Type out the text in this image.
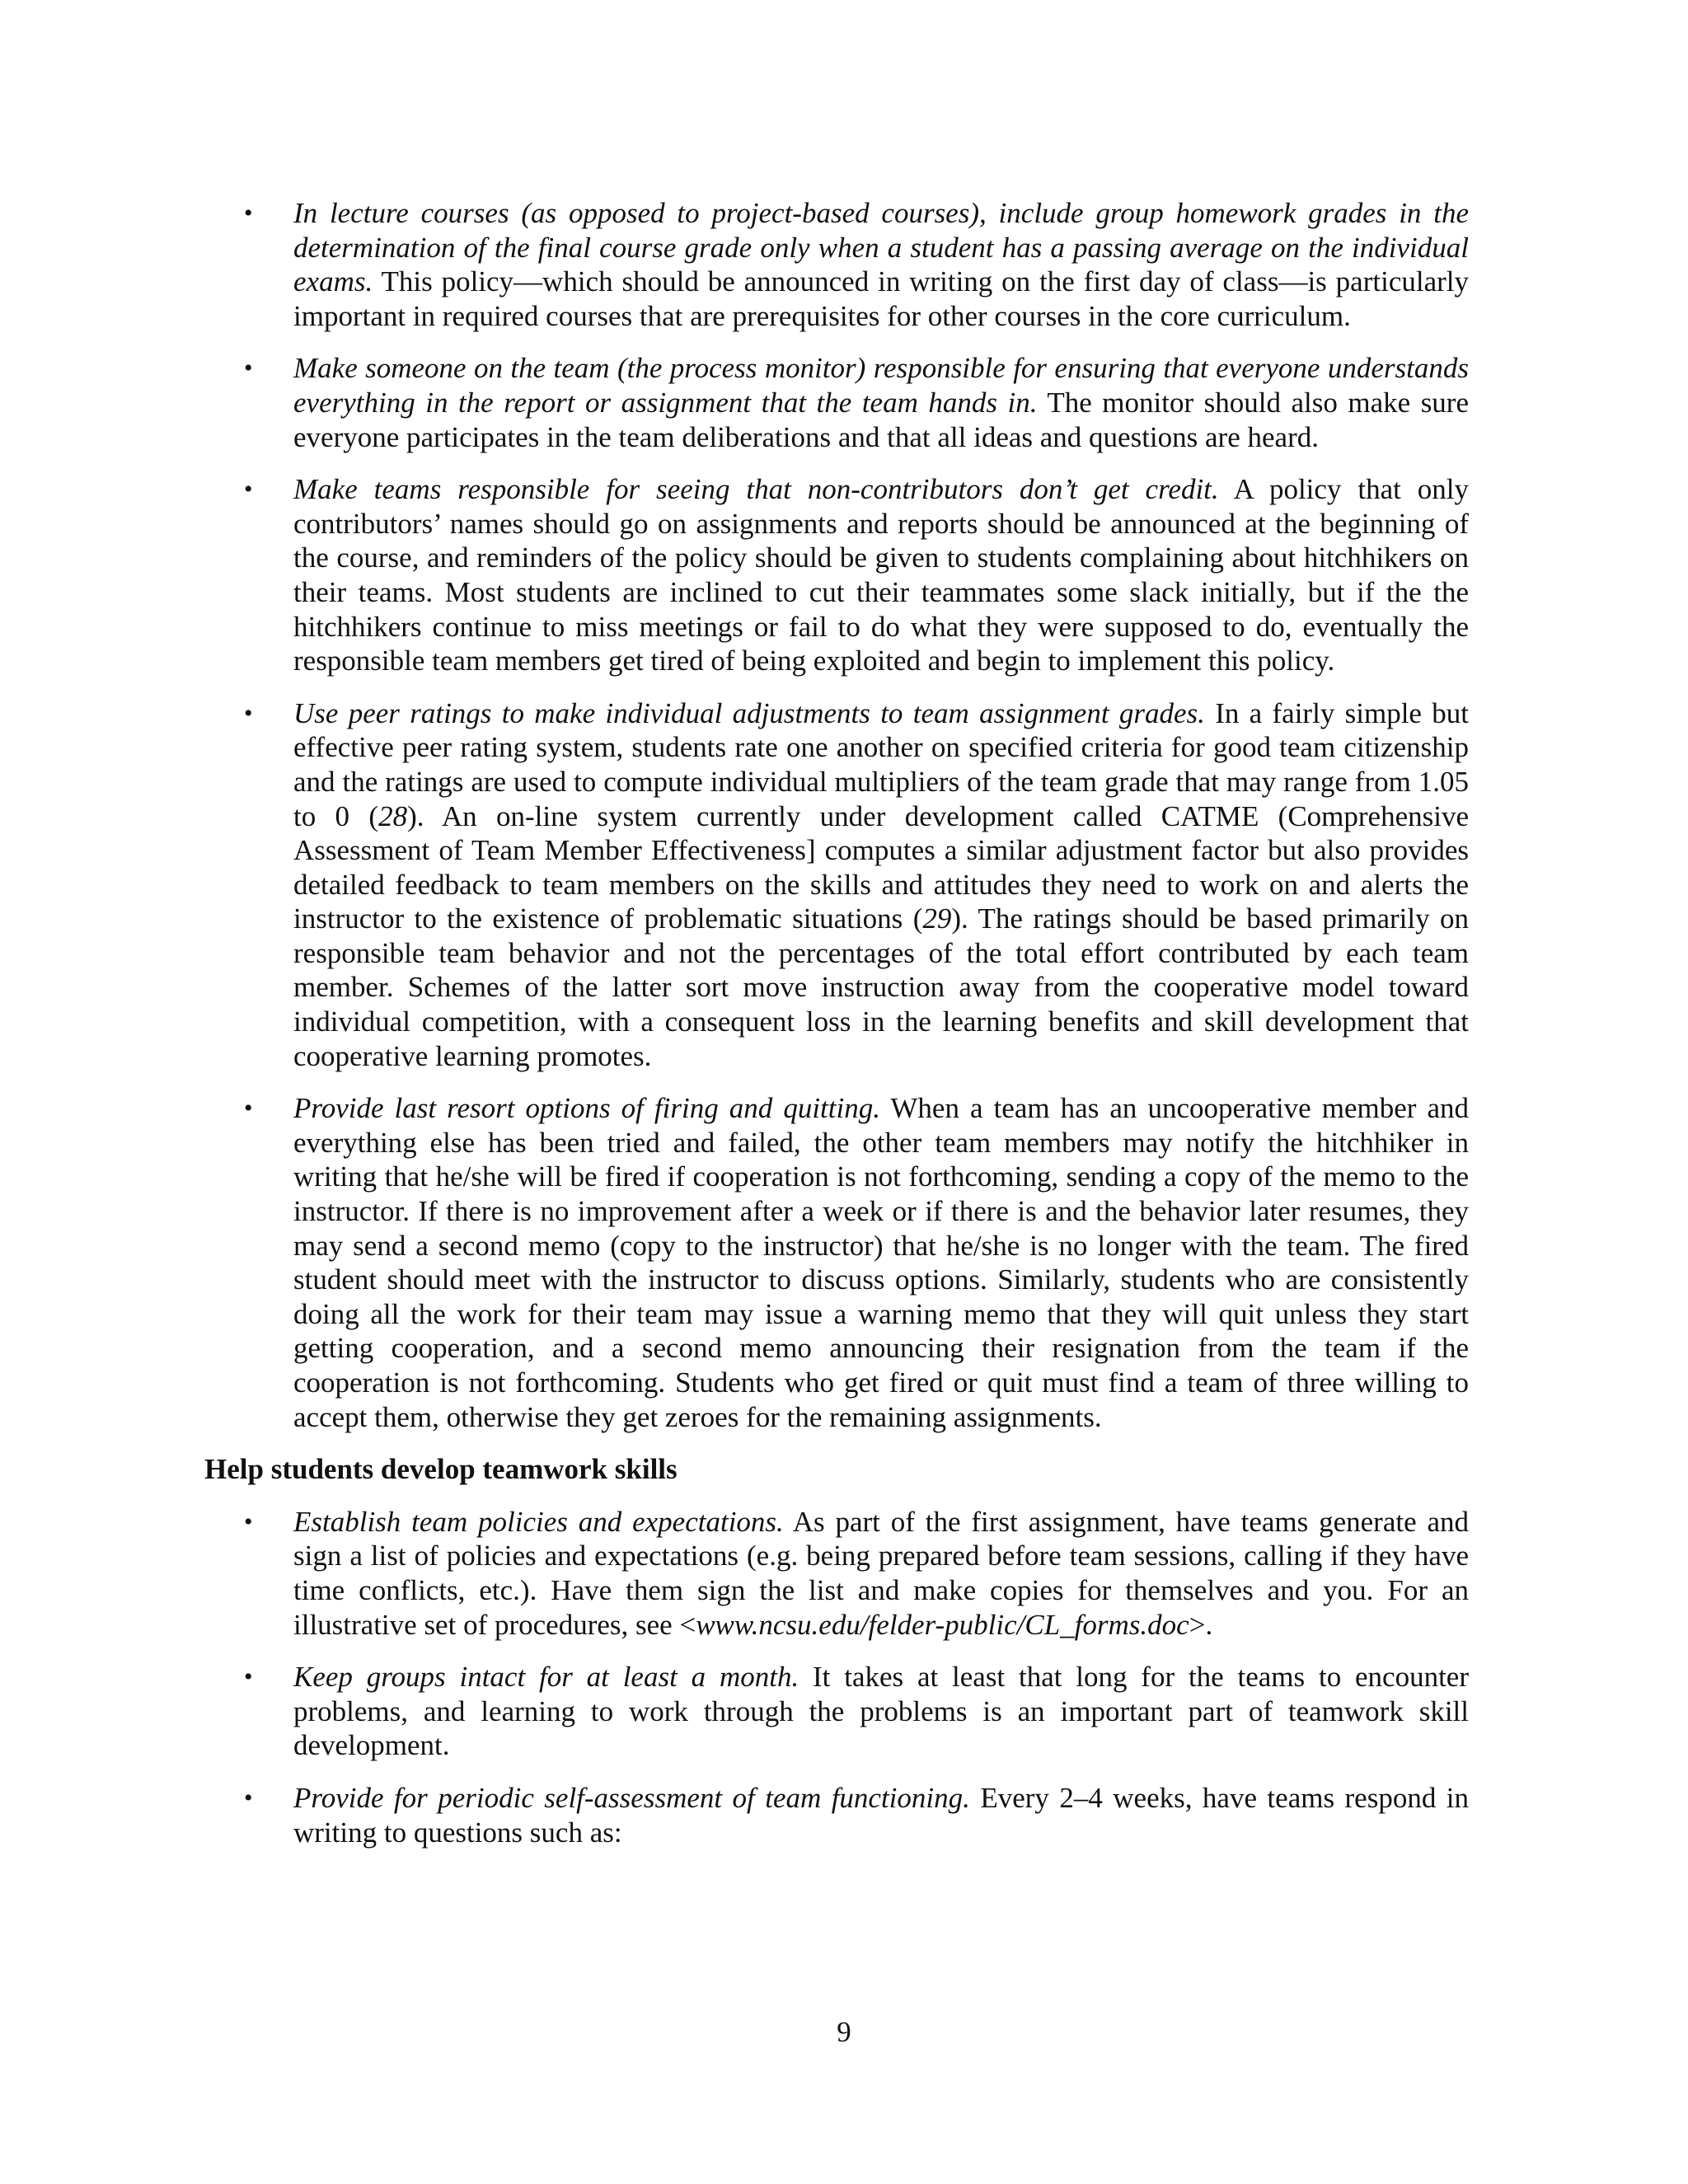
• In lecture courses (as opposed to project-based courses), include group homework grades in the determination of the final course grade only when a student has a passing average on the individual exams. This policy—which should be announced in writing on the first day of class—is particularly important in required courses that are prerequisites for other courses in the core curriculum.
• Make someone on the team (the process monitor) responsible for ensuring that everyone understands everything in the report or assignment that the team hands in. The monitor should also make sure everyone participates in the team deliberations and that all ideas and questions are heard.
• Make teams responsible for seeing that non-contributors don’t get credit. A policy that only contributors’ names should go on assignments and reports should be announced at the beginning of the course, and reminders of the policy should be given to students complaining about hitchhikers on their teams. Most students are inclined to cut their teammates some slack initially, but if the the hitchhikers continue to miss meetings or fail to do what they were supposed to do, eventually the responsible team members get tired of being exploited and begin to implement this policy.
• Use peer ratings to make individual adjustments to team assignment grades. In a fairly simple but effective peer rating system, students rate one another on specified criteria for good team citizenship and the ratings are used to compute individual multipliers of the team grade that may range from 1.05 to 0 (28). An on-line system currently under development called CATME (Comprehensive Assessment of Team Member Effectiveness] computes a similar adjustment factor but also provides detailed feedback to team members on the skills and attitudes they need to work on and alerts the instructor to the existence of problematic situations (29). The ratings should be based primarily on responsible team behavior and not the percentages of the total effort contributed by each team member. Schemes of the latter sort move instruction away from the cooperative model toward individual competition, with a consequent loss in the learning benefits and skill development that cooperative learning promotes.
• Provide last resort options of firing and quitting. When a team has an uncooperative member and everything else has been tried and failed, the other team members may notify the hitchhiker in writing that he/she will be fired if cooperation is not forthcoming, sending a copy of the memo to the instructor. If there is no improvement after a week or if there is and the behavior later resumes, they may send a second memo (copy to the instructor) that he/she is no longer with the team. The fired student should meet with the instructor to discuss options. Similarly, students who are consistently doing all the work for their team may issue a warning memo that they will quit unless they start getting cooperation, and a second memo announcing their resignation from the team if the cooperation is not forthcoming. Students who get fired or quit must find a team of three willing to accept them, otherwise they get zeroes for the remaining assignments.
Help students develop teamwork skills
• Establish team policies and expectations. As part of the first assignment, have teams generate and sign a list of policies and expectations (e.g. being prepared before team sessions, calling if they have time conflicts, etc.). Have them sign the list and make copies for themselves and you. For an illustrative set of procedures, see <www.ncsu.edu/felder-public/CL_forms.doc>.
• Keep groups intact for at least a month. It takes at least that long for the teams to encounter problems, and learning to work through the problems is an important part of teamwork skill development.
• Provide for periodic self-assessment of team functioning. Every 2–4 weeks, have teams respond in writing to questions such as:
9
